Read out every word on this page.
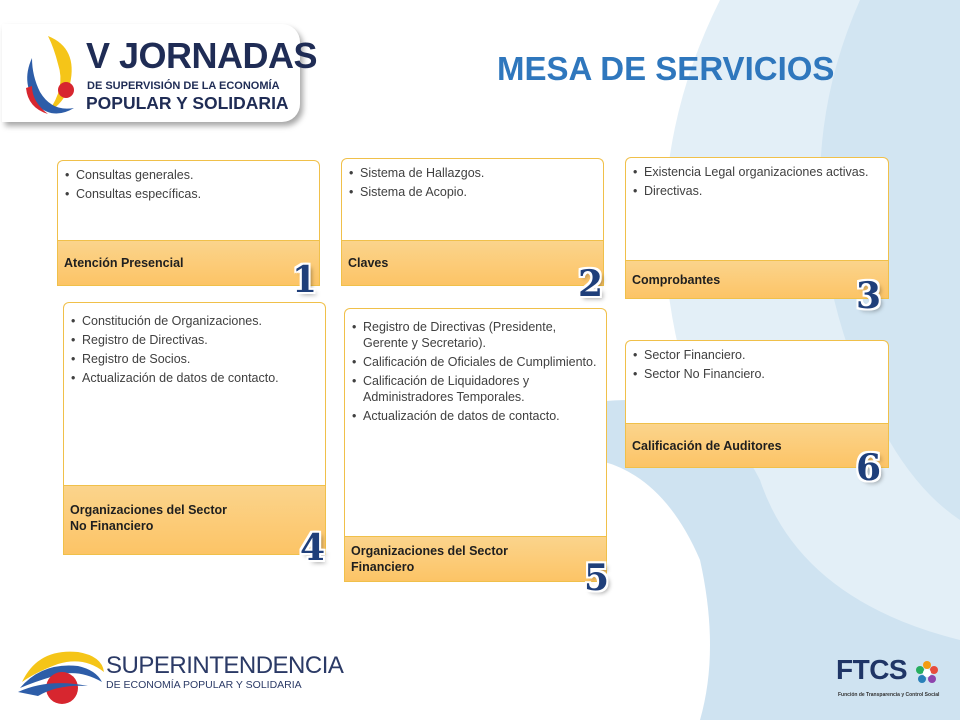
V JORNADAS
DE SUPERVISIÓN DE LA ECONOMÍA
POPULAR Y SOLIDARIA
MESA DE SERVICIOS
• Consultas generales.
• Consultas específicas.
Atención Presencial	1
• Sistema de Hallazgos.
• Sistema de Acopio.
Claves	2
• Existencia Legal organizaciones activas.
• Directivas.
Comprobantes	3
• Constitución de Organizaciones.
• Registro de Directivas.
• Registro de Socios.
• Actualización de datos de contacto.
Organizaciones del Sector
No Financiero
4
• Registro de Directivas (Presidente, Gerente y Secretario).
• Calificación de Oficiales de Cumplimiento.
• Calificación de Liquidadores y Administradores Temporales.
• Actualización de datos de contacto.
Organizaciones del Sector
Financiero	5
• Sector Financiero.
• Sector No Financiero.
Calificación de Auditores
6
SUPERINTENDENCIA
DE ECONOMÍA POPULAR Y SOLIDARIA	FTCS
Función de Transparencia y Control Social
